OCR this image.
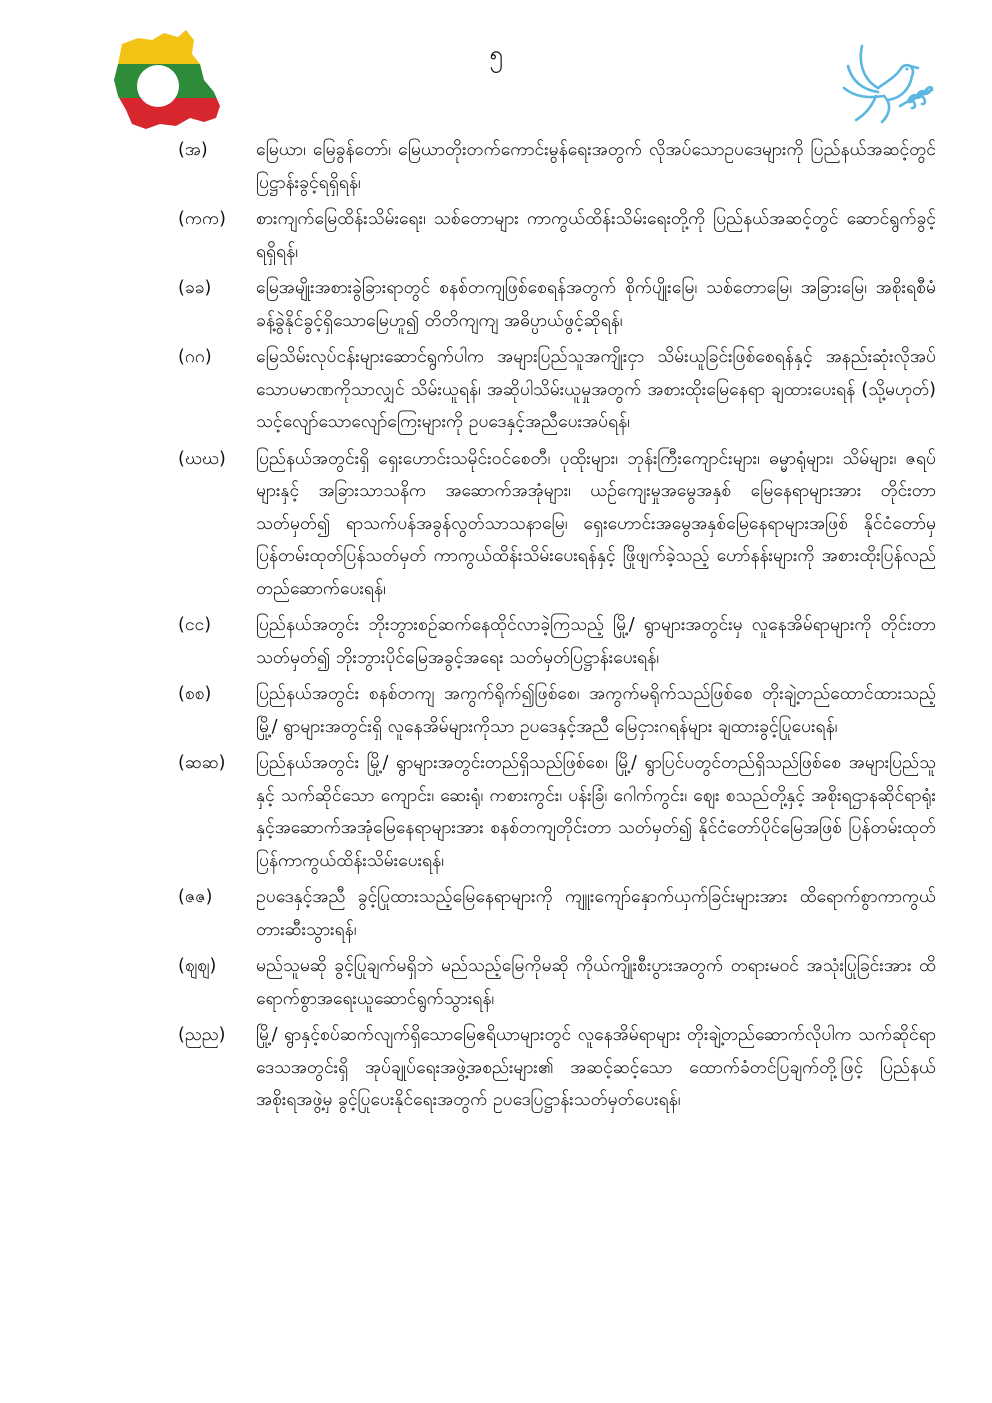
၅
(အ)	မြေယာ၊ မြေခွန်တော်၊ မြေယာတိုးတက်ကောင်းမွန်ရေးအတွက် လိုအပ်သောဥပဒေများကို ပြည်နယ်အဆင့်တွင် ပြဋ္ဌာန်းခွင့်ရရှိရန်၊
(ကက)	စားကျက်မြေထိန်းသိမ်းရေး၊ သစ်တောများ ကာကွယ်ထိန်းသိမ်းရေးတို့ကို ပြည်နယ်အဆင့်တွင် ဆောင်ရွက်ခွင့်ရရှိရန်၊
(ခခ)	မြေအမျိုးအစားခွဲခြားရာတွင် စနစ်တကျဖြစ်စေရန်အတွက် စိုက်ပျိုးမြေ၊ သစ်တောမြေ၊ အခြားမြေ၊ အစိုးရစီမံခန့်ခွဲနိုင်ခွင့်ရှိသောမြေဟူ၍ တိတိကျကျ အဓိပ္ပာယ်ဖွင့်ဆိုရန်၊
(ဂဂ)	မြေသိမ်းလုပ်ငန်းများဆောင်ရွက်ပါက အများပြည်သူအကျိုးငှာ သိမ်းယူခြင်းဖြစ်စေရန်နှင့် အနည်းဆုံးလိုအပ်သောပမာဏကိုသာလျှင် သိမ်းယူရန်၊ အဆိုပါသိမ်းယူမှုအတွက် အစားထိုးမြေနေရာ ချထားပေးရန် (သို့မဟုတ်) သင့်လျော်သောလျော်ကြေးများကို ဥပဒေနှင့်အညီပေးအပ်ရန်၊
(ဃဃ)	ပြည်နယ်အတွင်းရှိ ရှေးဟောင်းသမိုင်းဝင်စေတီ၊ ပုထိုးများ၊ ဘုန်းကြီးကျောင်းများ၊ ဓမ္မာရုံများ၊ သိမ်များ၊ ဇရပ်များနှင့် အခြားသာသနိက အဆောက်အအုံများ၊ ယဉ်ကျေးမှုအမွေအနှစ် မြေနေရာများအား တိုင်းတာသတ်မှတ်၍ ရာသက်ပန်အခွန်လွတ်သာသနာမြေ၊ ရှေးဟောင်းအမွေအနှစ်မြေနေရာများအဖြစ် နိုင်ငံတော်မှ ပြန်တမ်းထုတ်ပြန်သတ်မှတ် ကာကွယ်ထိန်းသိမ်းပေးရန်နှင့် ဖြိုဖျက်ခဲ့သည့် ဟော်နန်းများကို အစားထိုးပြန်လည်တည်ဆောက်ပေးရန်၊
(ငင)	ပြည်နယ်အတွင်း ဘိုးဘွားစဉ်ဆက်နေထိုင်လာခဲ့ကြသည့် မြို့/ ရွာများအတွင်းမှ လူနေအိမ်ရာများကို တိုင်းတာသတ်မှတ်၍ ဘိုးဘွားပိုင်မြေအခွင့်အရေး သတ်မှတ်ပြဋ္ဌာန်းပေးရန်၊
(စစ)	ပြည်နယ်အတွင်း စနစ်တကျ အကွက်ရိုက်၍ဖြစ်စေ၊ အကွက်မရိုက်သည်ဖြစ်စေ တိုးချဲ့တည်ထောင်ထားသည့် မြို့/ ရွာများအတွင်းရှိ လူနေအိမ်များကိုသာ ဥပဒေနှင့်အညီ မြေငှားဂရန်များ ချထားခွင့်ပြုပေးရန်၊
(ဆဆ)	ပြည်နယ်အတွင်း မြို့/ ရွာများအတွင်းတည်ရှိသည်ဖြစ်စေ၊ မြို့/ ရွာပြင်ပတွင်တည်ရှိသည်ဖြစ်စေ အများပြည်သူနှင့် သက်ဆိုင်သော ကျောင်း၊ ဆေးရုံ၊ ကစားကွင်း၊ ပန်းခြံ၊ ဂေါက်ကွင်း၊ ဈေး စသည်တို့နှင့် အစိုးရဌာနဆိုင်ရာရုံးနှင့်အဆောက်အအုံမြေနေရာများအား စနစ်တကျတိုင်းတာ သတ်မှတ်၍ နိုင်ငံတော်ပိုင်မြေအဖြစ် ပြန်တမ်းထုတ်ပြန်ကာကွယ်ထိန်းသိမ်းပေးရန်၊
(ဇဇ)	ဥပဒေနှင့်အညီ ခွင့်ပြုထားသည့်မြေနေရာများကို ကျူးကျော်နှောက်ယှက်ခြင်းများအား ထိရောက်စွာကာကွယ်တားဆီးသွားရန်၊
(ဈဈ)	မည်သူမဆို ခွင့်ပြုချက်မရှိဘဲ မည်သည့်မြေကိုမဆို ကိုယ်ကျိုးစီးပွားအတွက် တရားမဝင် အသုံးပြုခြင်းအား ထိရောက်စွာအရေးယူဆောင်ရွက်သွားရန်၊
(ညည)	မြို့/ ရွာနှင့်စပ်ဆက်လျက်ရှိသောမြေဧရိယာများတွင် လူနေအိမ်ရာများ တိုးချဲ့တည်ဆောက်လိုပါက သက်ဆိုင်ရာဒေသအတွင်းရှိ အုပ်ချုပ်ရေးအဖွဲ့အစည်းများ၏ အဆင့်ဆင့်သော ထောက်ခံတင်ပြချက်တို့ဖြင့် ပြည်နယ်အစိုးရအဖွဲ့မှ ခွင့်ပြုပေးနိုင်ရေးအတွက် ဥပဒေပြဋ္ဌာန်းသတ်မှတ်ပေးရန်၊
